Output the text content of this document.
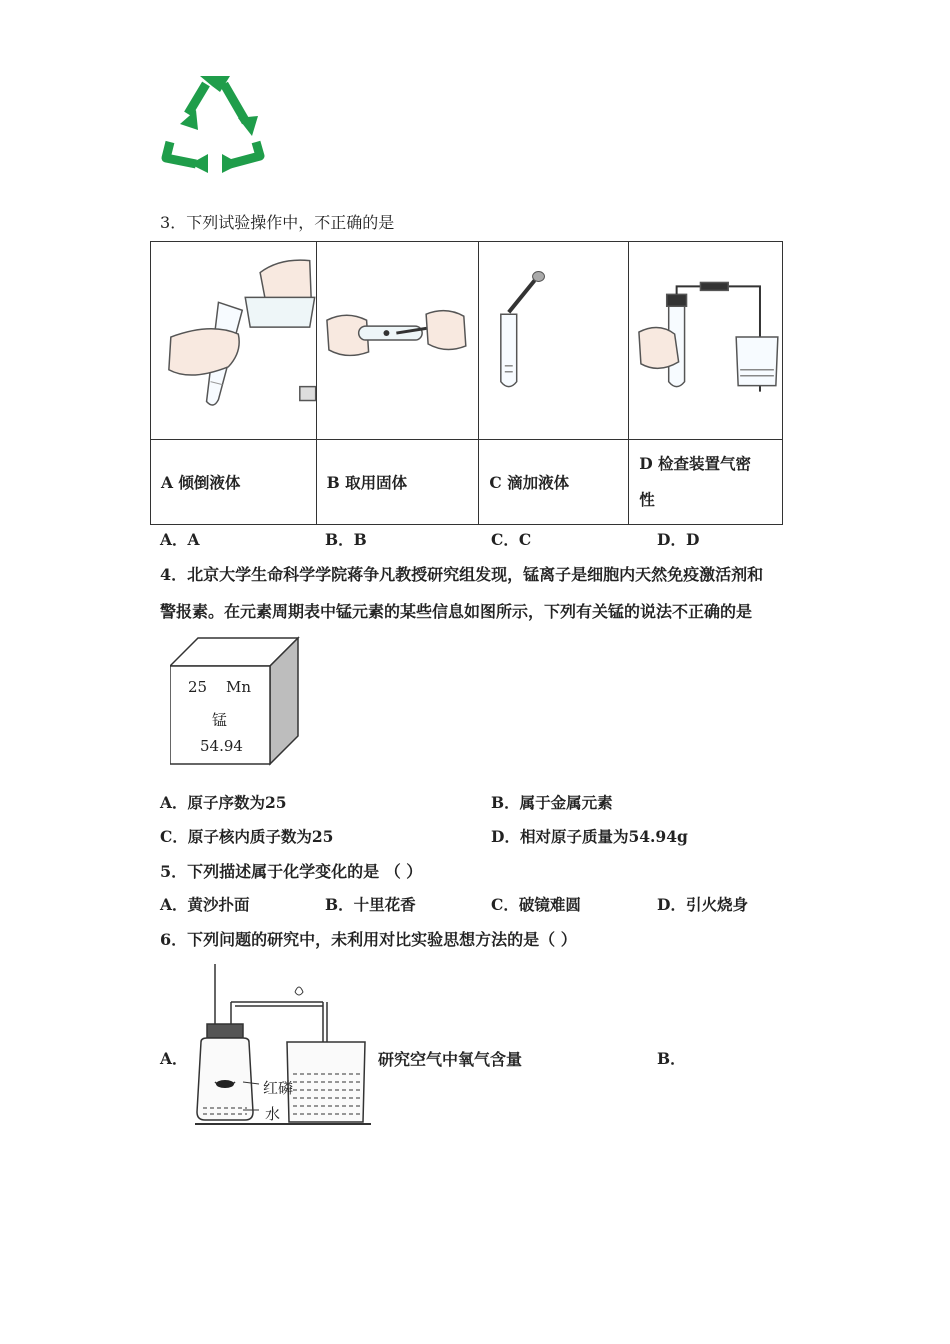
3．下列试验操作中，不正确的是

A 倾倒液体	B 取用固体	C 滴加液体	D 检查装置气密
性
A．A	B．B	C．C	D．D
4．北京大学生命科学学院蒋争凡教授研究组发现，锰离子是细胞内天然免疫激活剂和
警报素。在元素周期表中锰元素的某些信息如图所示，下列有关锰的说法不正确的是
25 Mn
锰
54.94
A．原子序数为25	B．属于金属元素
C．原子核内质子数为25	D．相对原子质量为54.94g
5．下列描述属于化学变化的是 （ ）
A．黄沙扑面	B．十里花香	C．破镜难圆	D．引火烧身
6．下列问题的研究中，未利用对比实验思想方法的是（ ）
A．
红磷
水
研究空气中氧气含量	B．
